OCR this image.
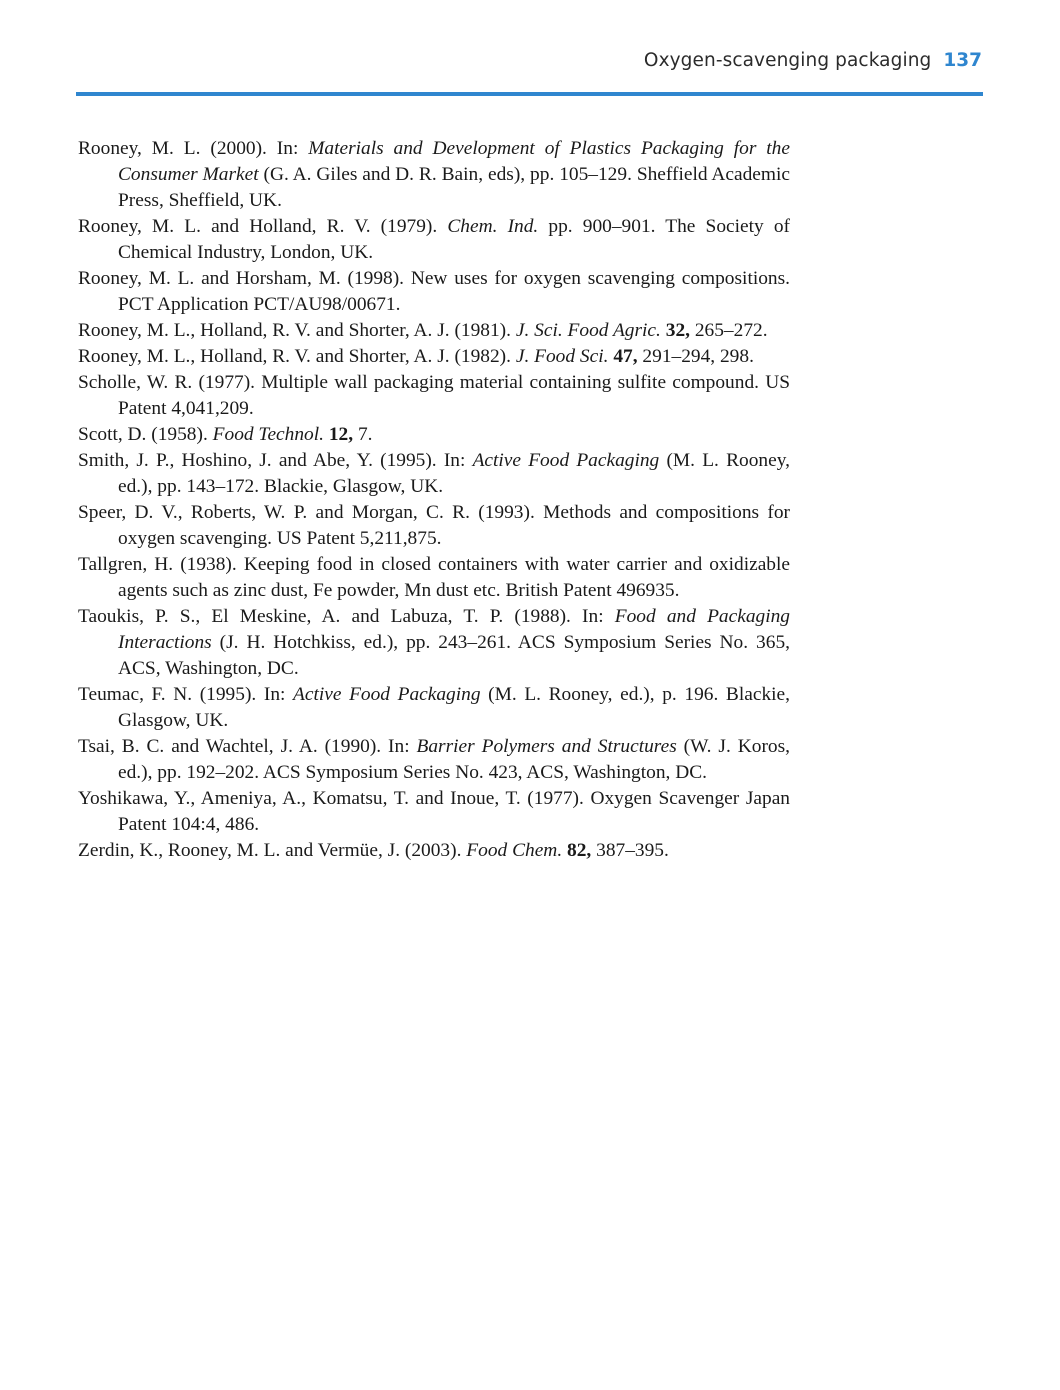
Oxygen-scavenging packaging 137
Rooney, M. L. (2000). In: Materials and Development of Plastics Packaging for the Consumer Market (G. A. Giles and D. R. Bain, eds), pp. 105–129. Sheffield Academic Press, Sheffield, UK.
Rooney, M. L. and Holland, R. V. (1979). Chem. Ind. pp. 900–901. The Society of Chemical Industry, London, UK.
Rooney, M. L. and Horsham, M. (1998). New uses for oxygen scavenging compositions. PCT Application PCT/AU98/00671.
Rooney, M. L., Holland, R. V. and Shorter, A. J. (1981). J. Sci. Food Agric. 32, 265–272.
Rooney, M. L., Holland, R. V. and Shorter, A. J. (1982). J. Food Sci. 47, 291–294, 298.
Scholle, W. R. (1977). Multiple wall packaging material containing sulfite compound. US Patent 4,041,209.
Scott, D. (1958). Food Technol. 12, 7.
Smith, J. P., Hoshino, J. and Abe, Y. (1995). In: Active Food Packaging (M. L. Rooney, ed.), pp. 143–172. Blackie, Glasgow, UK.
Speer, D. V., Roberts, W. P. and Morgan, C. R. (1993). Methods and compositions for oxygen scavenging. US Patent 5,211,875.
Tallgren, H. (1938). Keeping food in closed containers with water carrier and oxidizable agents such as zinc dust, Fe powder, Mn dust etc. British Patent 496935.
Taoukis, P. S., El Meskine, A. and Labuza, T. P. (1988). In: Food and Packaging Interactions (J. H. Hotchkiss, ed.), pp. 243–261. ACS Symposium Series No. 365, ACS, Washington, DC.
Teumac, F. N. (1995). In: Active Food Packaging (M. L. Rooney, ed.), p. 196. Blackie, Glasgow, UK.
Tsai, B. C. and Wachtel, J. A. (1990). In: Barrier Polymers and Structures (W. J. Koros, ed.), pp. 192–202. ACS Symposium Series No. 423, ACS, Washington, DC.
Yoshikawa, Y., Ameniya, A., Komatsu, T. and Inoue, T. (1977). Oxygen Scavenger Japan Patent 104:4, 486.
Zerdin, K., Rooney, M. L. and Vermüe, J. (2003). Food Chem. 82, 387–395.
